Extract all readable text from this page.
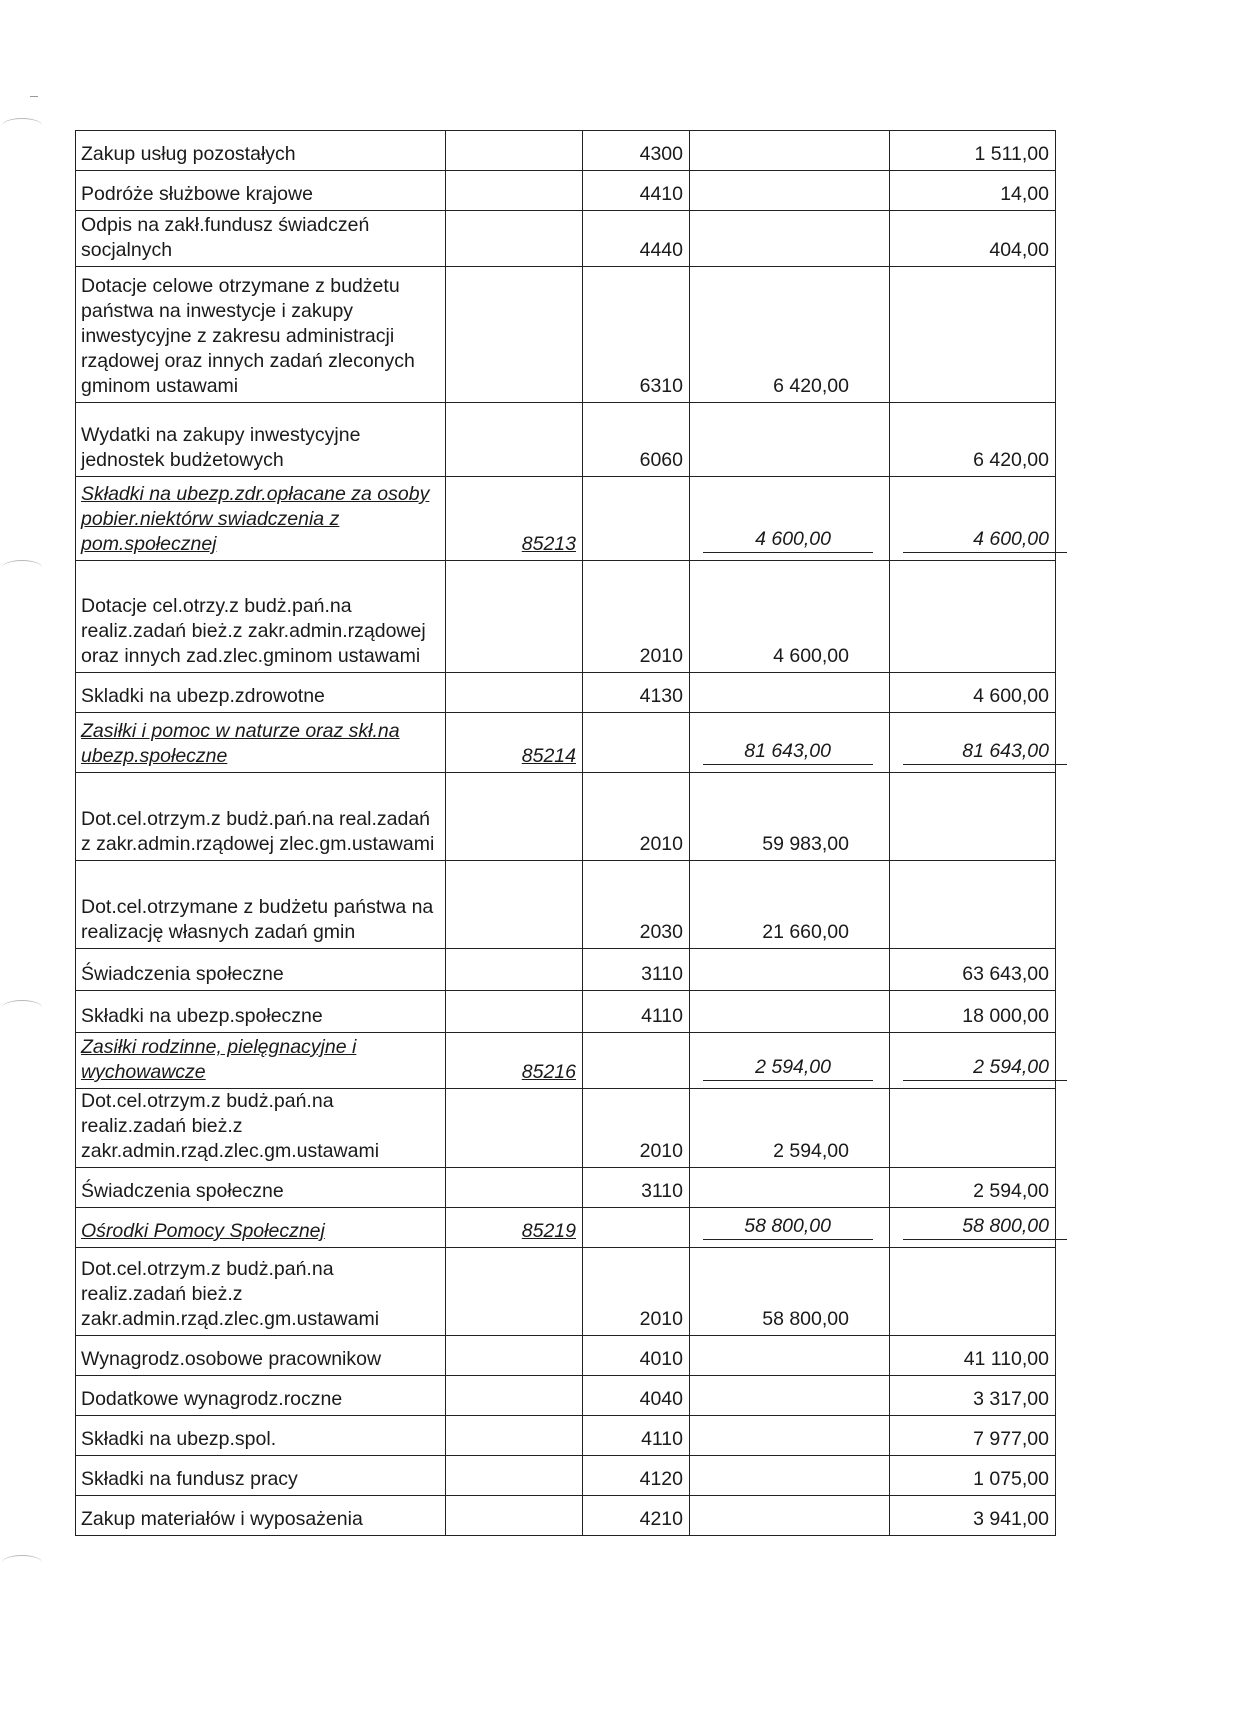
Zakup usług pozostałych		4300		1 511,00
Podróże służbowe krajowe		4410		14,00
Odpis na zakł.fundusz świadczeń socjalnych		4440		404,00
Dotacje celowe otrzymane z budżetu państwa na inwestycje i zakupy inwestycyjne z zakresu administracji rządowej oraz innych zadań zleconych gminom ustawami		6310	6 420,00	
Wydatki na zakupy inwestycyjne jednostek budżetowych		6060		6 420,00
Składki na ubezp.zdr.opłacane za osoby pobier.niektórw swiadczenia z pom.społecznej	85213		4 600,00	4 600,00

Dotacje cel.otrzy.z budż.pań.na realiz.zadań bież.z zakr.admin.rządowej oraz innych zad.zlec.gminom ustawami		2010	4 600,00	
Skladki na ubezp.zdrowotne		4130		4 600,00
Zasiłki i pomoc w naturze oraz skł.na ubezp.społeczne	85214		81 643,00	81 643,00

Dot.cel.otrzym.z budż.pań.na real.zadań z zakr.admin.rządowej zlec.gm.ustawami		2010	59 983,00	
Dot.cel.otrzymane z budżetu państwa na realizację własnych zadań gmin		2030	21 660,00	
Świadczenia społeczne		3110		63 643,00
Składki na ubezp.społeczne		4110		18 000,00
Zasiłki rodzinne, pielęgnacyjne i wychowawcze	85216		2 594,00	2 594,00

Dot.cel.otrzym.z budż.pań.na realiz.zadań bież.z zakr.admin.rząd.zlec.gm.ustawami		2010	2 594,00	
Świadczenia społeczne		3110		2 594,00
Ośrodki Pomocy Społecznej	85219		58 800,00	58 800,00

Dot.cel.otrzym.z budż.pań.na realiz.zadań bież.z zakr.admin.rząd.zlec.gm.ustawami		2010	58 800,00	
Wynagrodz.osobowe pracownikow		4010		41 110,00
Dodatkowe wynagrodz.roczne		4040		3 317,00
Składki na ubezp.spol.		4110		7 977,00
Składki na fundusz pracy		4120		1 075,00
Zakup materiałów i wyposażenia		4210		3 941,00
